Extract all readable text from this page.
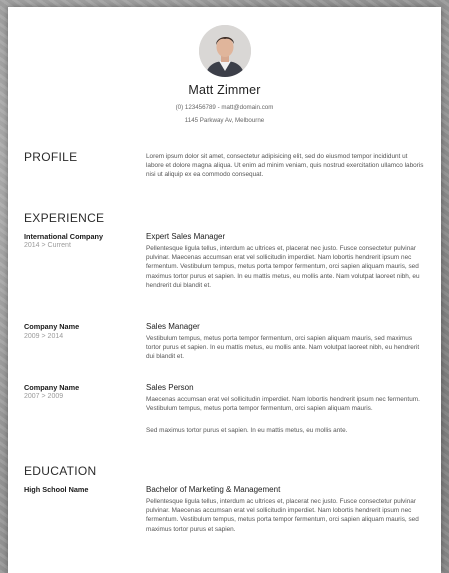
Matt Zimmer
(0) 123456789 - matt@domain.com
1145 Parkway Av, Melbourne
PROFILE	Lorem ipsum dolor sit amet, consectetur adipisicing elit, sed do eiusmod tempor incididunt ut labore et dolore magna aliqua. Ut enim ad minim veniam, quis nostrud exercitation ullamco laboris nisi ut aliquip ex ea commodo consequat.
EXPERIENCE
International Company
2014 > Current
Expert Sales Manager
Pellentesque ligula tellus, interdum ac ultrices et, placerat nec justo. Fusce consectetur pulvinar pulvinar. Maecenas accumsan erat vel sollicitudin imperdiet. Nam lobortis hendrerit ipsum nec fermentum. Vestibulum tempus, metus porta tempor fermentum, orci sapien aliquam mauris, sed maximus tortor purus et sapien. In eu mattis metus, eu mollis ante. Nam volutpat laoreet nibh, eu hendrerit dui blandit et.
Company Name
2009 > 2014
Sales Manager
Vestibulum tempus, metus porta tempor fermentum, orci sapien aliquam mauris, sed maximus tortor purus et sapien. In eu mattis metus, eu mollis ante. Nam volutpat laoreet nibh, eu hendrerit dui blandit et.
Company Name
2007 > 2009
Sales Person
Maecenas accumsan erat vel sollicitudin imperdiet. Nam lobortis hendrerit ipsum nec fermentum. Vestibulum tempus, metus porta tempor fermentum, orci sapien aliquam mauris.
Sed maximus tortor purus et sapien. In eu mattis metus, eu mollis ante.
EDUCATION
High School Name	Bachelor of Marketing & Management
Pellentesque ligula tellus, interdum ac ultrices et, placerat nec justo. Fusce consectetur pulvinar pulvinar. Maecenas accumsan erat vel sollicitudin imperdiet. Nam lobortis hendrerit ipsum nec fermentum. Vestibulum tempus, metus porta tempor fermentum, orci sapien aliquam mauris, sed maximus tortor purus et sapien.
